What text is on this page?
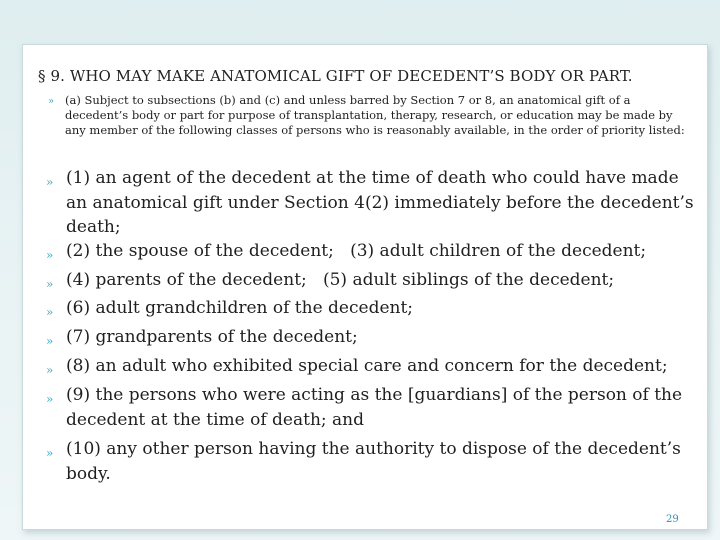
§ 9. WHO MAY MAKE ANATOMICAL GIFT OF DECEDENT’S BODY OR PART.
» (a) Subject to subsections (b) and (c) and unless barred by Section 7 or 8, an anatomical gift of a decedent’s body or part for purpose of transplantation, therapy, research, or education may be made by any member of the following classes of persons who is reasonably available, in the order of priority listed:
» (1) an agent of the decedent at the time of death who could have made an anatomical gift under Section 4(2) immediately before the decedent’s death;
» (2) the spouse of the decedent;   (3) adult children of the decedent;
» (4) parents of the decedent;   (5) adult siblings of the decedent;
» (6) adult grandchildren of the decedent;
» (7) grandparents of the decedent;
» (8) an adult who exhibited special care and concern for the decedent;
» (9) the persons who were acting as the [guardians] of the person of the decedent at the time of death; and
» (10) any other person having the authority to dispose of the decedent’s body.
29
